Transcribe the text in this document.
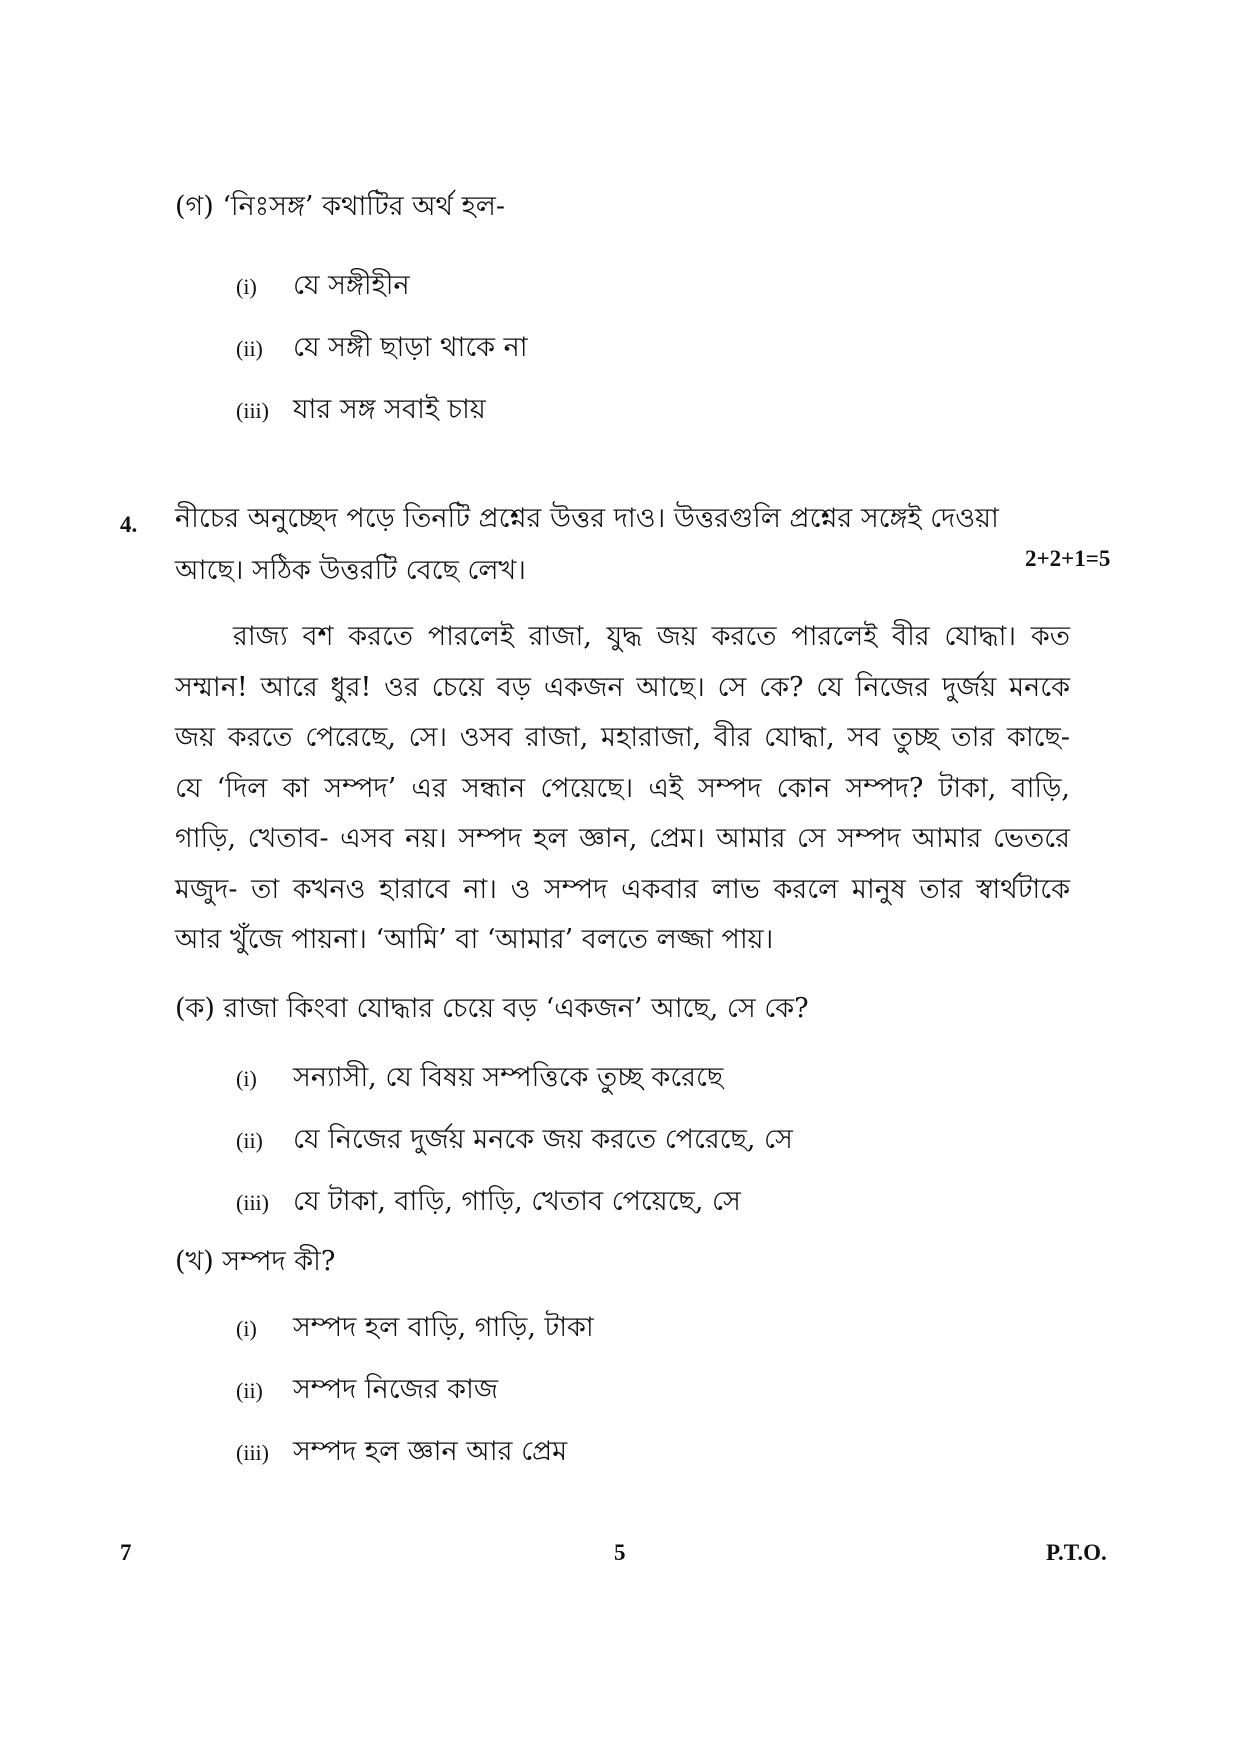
(গ) ‘নিঃসঙ্গ’ কথাটির অর্থ হল-
(i) যে সঙ্গীহীন
(ii) যে সঙ্গী ছাড়া থাকে না
(iii) যার সঙ্গ সবাই চায়
4. নীচের অনুচ্ছেদ পড়ে তিনটি প্রশ্নের উত্তর দাও। উত্তরগুলি প্রশ্নের সঙ্গেই দেওয়া
2+2+1=5
আছে। সঠিক উত্তরটি বেছে লেখ।
রাজ্য বশ করতে পারলেই রাজা, যুদ্ধ জয় করতে পারলেই বীর যোদ্ধা। কত
সম্মান! আরে ধুর! ওর চেয়ে বড় একজন আছে। সে কে? যে নিজের দুর্জয় মনকে
জয় করতে পেরেছে, সে। ওসব রাজা, মহারাজা, বীর যোদ্ধা, সব তুচ্ছ তার কাছে-
যে ‘দিল কা সম্পদ’ এর সন্ধান পেয়েছে। এই সম্পদ কোন সম্পদ? টাকা, বাড়ি,
গাড়ি, খেতাব- এসব নয়। সম্পদ হল জ্ঞান, প্রেম। আমার সে সম্পদ আমার ভেতরে
মজুদ- তা কখনও হারাবে না। ও সম্পদ একবার লাভ করলে মানুষ তার স্বার্থটাকে
আর খুঁজে পায়না। ‘আমি’ বা ‘আমার’ বলতে লজ্জা পায়।
(ক) রাজা কিংবা যোদ্ধার চেয়ে বড় ‘একজন’ আছে, সে কে?
(i) সন্যাসী, যে বিষয় সম্পত্তিকে তুচ্ছ করেছে
(ii) যে নিজের দুর্জয় মনকে জয় করতে পেরেছে, সে
(iii) যে টাকা, বাড়ি, গাড়ি, খেতাব পেয়েছে, সে
(খ) সম্পদ কী?
(i) সম্পদ হল বাড়ি, গাড়ি, টাকা
(ii) সম্পদ নিজের কাজ
(iii) সম্পদ হল জ্ঞান আর প্রেম
7	5	P.T.O.
